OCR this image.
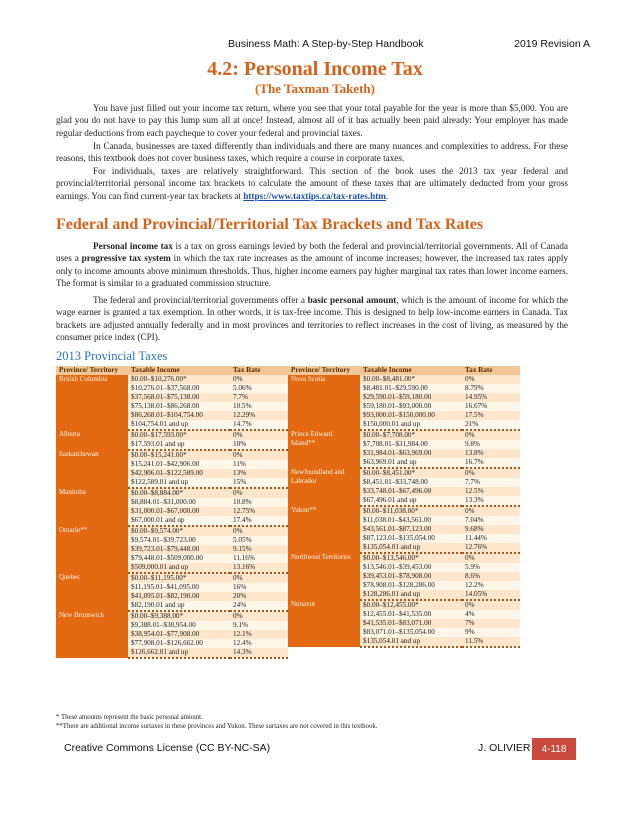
Business Math: A Step-by-Step Handbook	2019 Revision A
4.2: Personal Income Tax
(The Taxman Taketh)

You have just filled out your income tax return, where you see that your total payable for the year is more than $5,000. You are glad you do not have to pay this lump sum all at once! Instead, almost all of it has actually been paid already: Your employer has made regular deductions from each paycheque to cover your federal and provincial taxes.

In Canada, businesses are taxed differently than individuals and there are many nuances and complexities to address. For these reasons, this textbook does not cover business taxes, which require a course in corporate taxes.

For individuals, taxes are relatively straightforward. This section of the book uses the 2013 tax year federal and provincial/territorial personal income tax brackets to calculate the amount of these taxes that are ultimately deducted from your gross earnings. You can find current-year tax brackets at https://www.taxtips.ca/tax-rates.htm.

Federal and Provincial/Territorial Tax Brackets and Tax Rates

Personal income tax is a tax on gross earnings levied by both the federal and provincial/territorial governments. All of Canada uses a progressive tax system in which the tax rate increases as the amount of income increases; however, the increased tax rates apply only to income amounts above minimum thresholds. Thus, higher income earners pay higher marginal tax rates than lower income earners. The format is similar to a graduated commission structure.

The federal and provincial/territorial governments offer a basic personal amount, which is the amount of income for which the wage earner is granted a tax exemption. In other words, it is tax-free income. This is designed to help low-income earners in Canada. Tax brackets are adjusted annually federally and in most provinces and territories to reflect increases in the cost of living, as measured by the consumer price index (CPI).

2013 Provincial Taxes
Province/ Territory	Taxable Income	Tax Rate
British Columbia	$0.00–$10,276.00*	0%
	$10,276.01–$37,568.00	5.06%
	$37,568.01–$75,138.00	7.7%
	$75,138.01–$86,268.00	10.5%
	$86,268.01–$104,754.00	12.29%
	$104,754.01 and up	14.7%
Alberta	$0.00–$17,593.00*	0%
	$17,593.01 and up	10%
Saskatchewan	$0.00–$15,241.00*	0%
	$15,241.01–$42,906.00	11%
	$42,906.01–$122,589.00	13%
	$122,589.01 and up	15%
Manitoba	$0.00–$8,884.00*	0%
	$8,884.01–$31,000.00	10.8%
	$31,000.01–$67,000.00	12.75%
	$67,000.01 and up	17.4%
Ontario**	$0.00–$9,574.00*	0%
	$9,574.01–$39,723.00	5.05%
	$39,723.01–$79,448.00	9.15%
	$79,448.01–$509,000.00	11.16%
	$509,000.01 and up	13.16%
Quebec	$0.00–$11,195.00*	0%
	$11,195.01–$41,095.00	16%
	$41,095.01–$82,190.00	20%
	$82,190.01 and up	24%
New Brunswick	$0.00–$9,388.00*	0%
	$9,388.01–$38,954.00	9.1%
	$38,954.01–$77,908.00	12.1%
	$77,908.01–$126,662.00	12.4%
	$126,662.01 and up	14.3%
Province/ Territory	Taxable Income	Tax Rate
Nova Scotia	$0.00–$8,481.00*	0%
	$8,481.01–$29,590.00	8.79%
	$29,590.01–$59,180.00	14.95%
	$59,180.01–$93,000.00	16.67%
	$93,000.01–$150,000.00	17.5%
	$150,000.01 and up	21%
Prince Edward Island**	$0.00–$7,708.00*	0%
	$7,708.01–$31,984.00	9.8%
	$31,984.01–$63,969.00	13.8%
	$63,969.01 and up	16.7%
Newfoundland and Labrador	$0.00–$8,451.00*	0%
	$8,451.01–$33,748.00	7.7%
	$33,748.01–$67,496.00	12.5%
	$67,496.01 and up	13.3%
Yukon**	$0.00–$11,038.00*	0%
	$11,038.01–$43,561.00	7.04%
	$43,561.01–$87,123.00	9.68%
	$87,123.01–$135,054.00	11.44%
	$135,054.01 and up	12.76%
Northwest Territories	$0.00–$13,546.00*	0%
	$13,546.01–$39,453.00	5.9%
	$39,453.01–$78,908.00	8.6%
	$78,908.01–$128,286.00	12.2%
	$128,286.01 and up	14.05%
Nunavut	$0.00–$12,455.00*	0%
	$12,455.01–$41,535.00	4%
	$41,535.01–$83,071.00	7%
	$83,071.01–$135,054.00	9%
	$135,054.01 and up	11.5%
* These amounts represent the basic personal amount.
**There are additional income surtaxes in these provinces and Yukon. These surtaxes are not covered in this textbook.
Creative Commons License (CC BY-NC-SA)	J. OLIVIER 4-118
